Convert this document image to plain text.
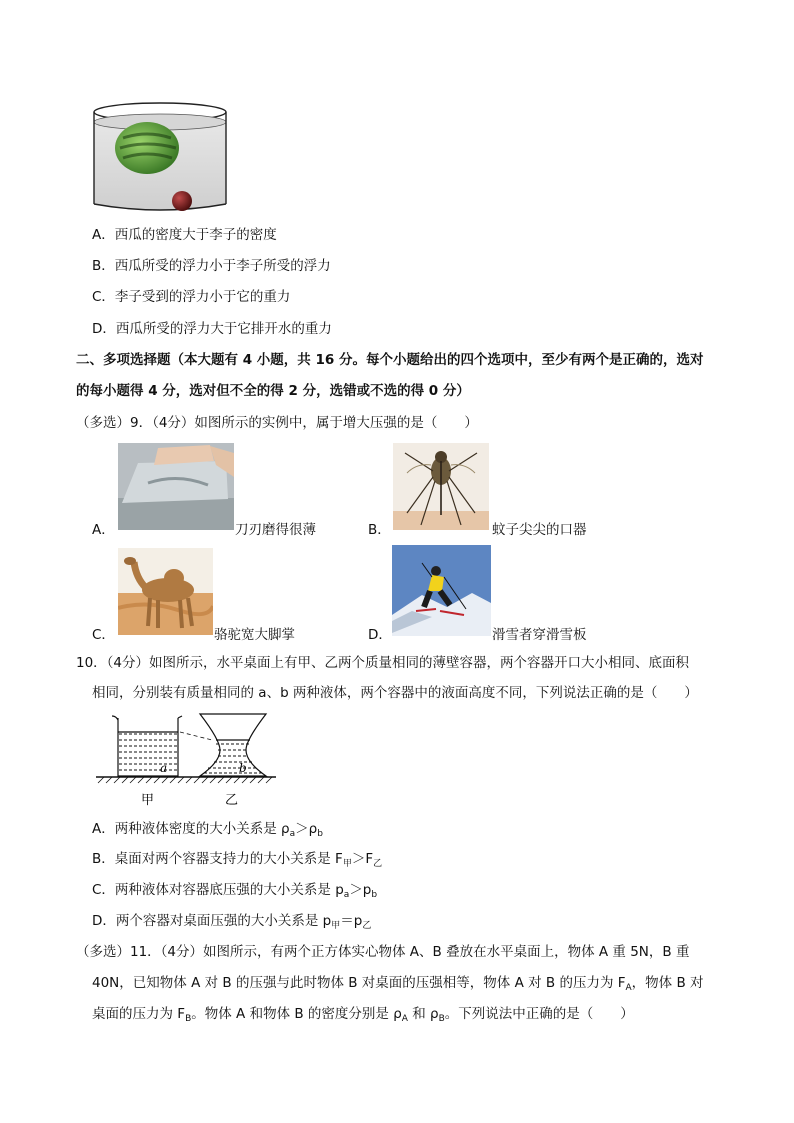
A．西瓜的密度大于李子的密度
B．西瓜所受的浮力小于李子所受的浮力
C．李子受到的浮力小于它的重力
D．西瓜所受的浮力大于它排开水的重力
二、多项选择题（本大题有 4 小题，共 16 分。每个小题给出的四个选项中，至少有两个是正确的，选对
的每小题得 4 分，选对但不全的得 2 分，选错或不选的得 0 分）
（多选）9．（4分）如图所示的实例中，属于增大压强的是（　　）
A．	刀刃磨得很薄	B．	蚊子尖尖的口器
C．	骆驼宽大脚掌	D．	滑雪者穿滑雪板
10．（4分）如图所示，水平桌面上有甲、乙两个质量相同的薄壁容器，两个容器开口大小相同、底面积
相同，分别装有质量相同的 a、b 两种液体，两个容器中的液面高度不同，下列说法正确的是（　　）
a	b
甲	乙
A．两种液体密度的大小关系是 $\rho_a>\rho_b$
B．桌面对两个容器支持力的大小关系是 $F_甲>F_乙$
C．两种液体对容器底压强的大小关系是 $p_a>p_b$
D．两个容器对桌面压强的大小关系是 $p_甲=p_乙$
（多选）11．（4分）如图所示，有两个正方体实心物体 A、B 叠放在水平桌面上，物体 A 重 5N，B 重
40N，已知物体 A 对 B 的压强与此时物体 B 对桌面的压强相等，物体 A 对 B 的压力为 $F_A$，物体 B 对
桌面的压力为 $F_B$。物体 A 和物体 B 的密度分别是 $\rho_A$ 和 $\rho_B$。下列说法中正确的是（　　）
